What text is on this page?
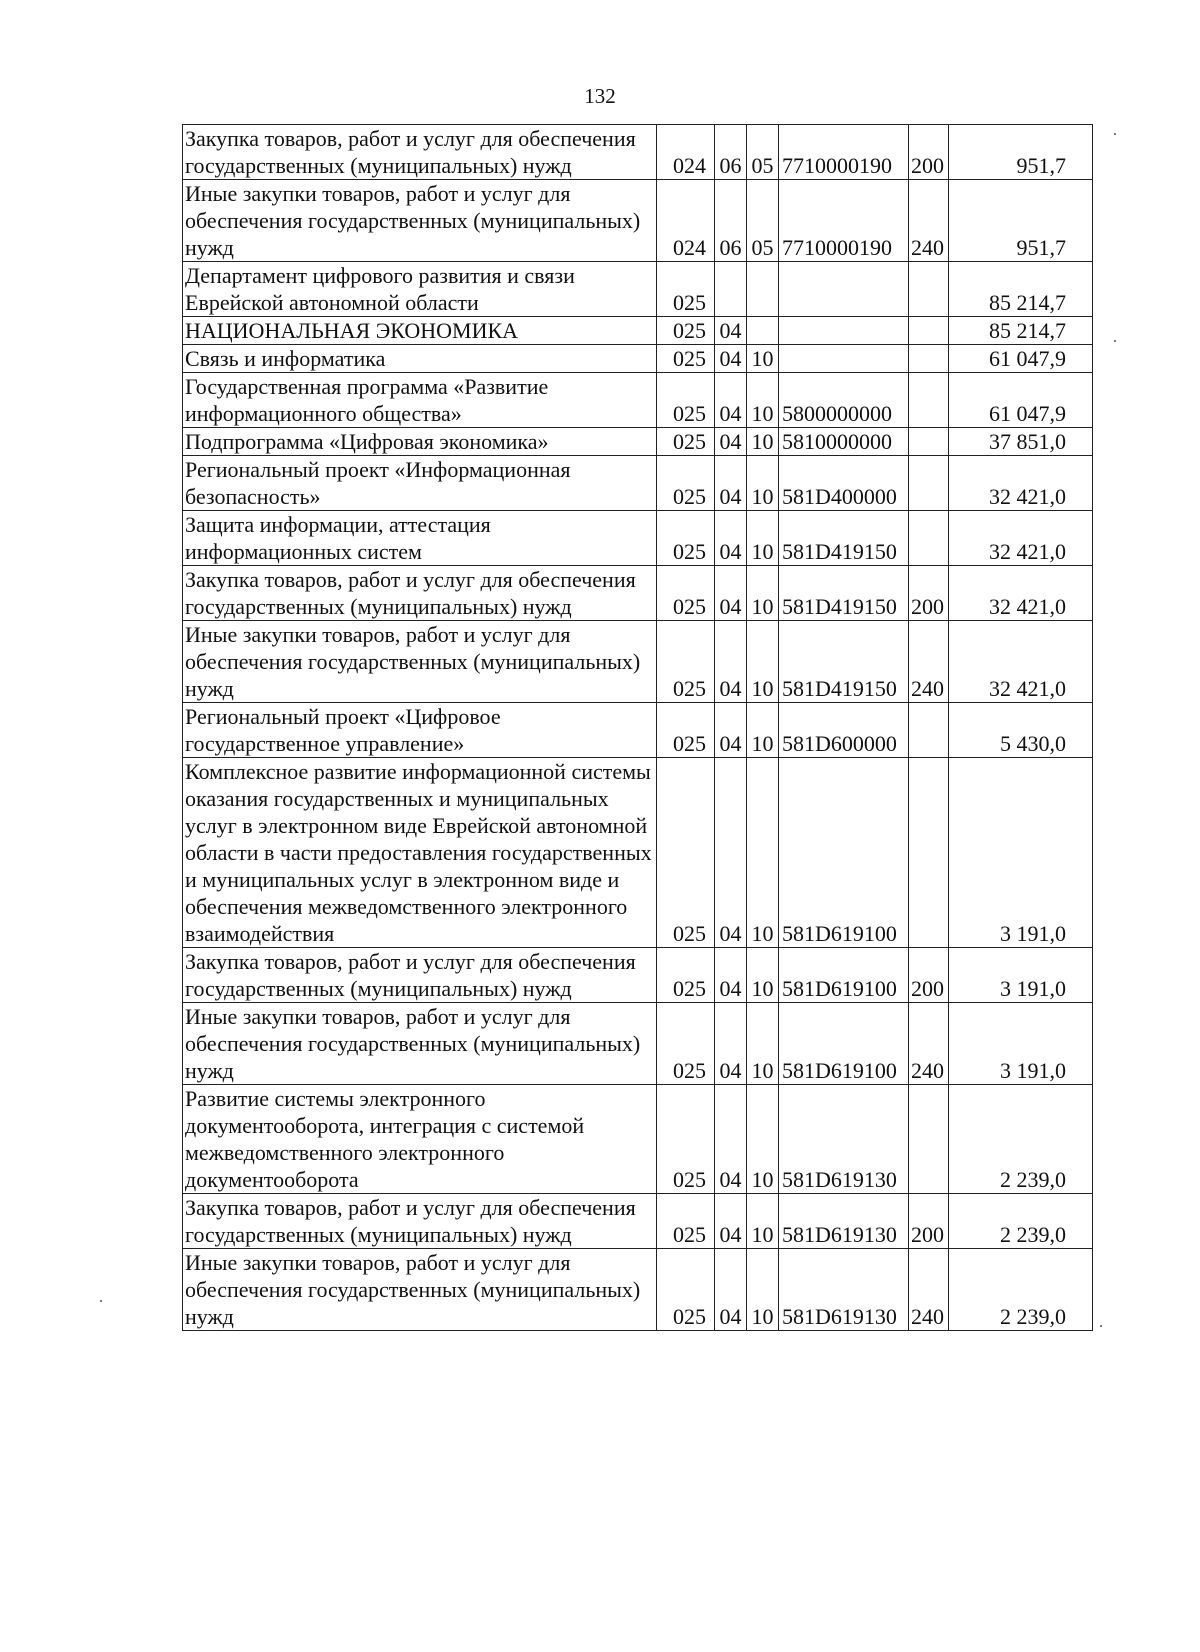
132
Закупка товаров, работ и услуг для обеспечения государственных (муниципальных) нужд	024	06	05	7710000190	200	951,7
Иные закупки товаров, работ и услуг для обеспечения государственных (муниципальных) нужд	024	06	05	7710000190	240	951,7
Департамент цифрового развития и связи Еврейской автономной области	025					85 214,7
НАЦИОНАЛЬНАЯ ЭКОНОМИКА	025	04				85 214,7
Связь и информатика	025	04	10			61 047,9
Государственная программа «Развитие информационного общества»	025	04	10	5800000000		61 047,9
Подпрограмма «Цифровая экономика»	025	04	10	5810000000		37 851,0
Региональный проект «Информационная безопасность»	025	04	10	581D400000		32 421,0
Защита информации, аттестация информационных систем	025	04	10	581D419150		32 421,0
Закупка товаров, работ и услуг для обеспечения государственных (муниципальных) нужд	025	04	10	581D419150	200	32 421,0
Иные закупки товаров, работ и услуг для обеспечения государственных (муниципальных) нужд	025	04	10	581D419150	240	32 421,0
Региональный проект «Цифровое государственное управление»	025	04	10	581D600000		5 430,0
Комплексное развитие информационной системы оказания государственных и муниципальных услуг в электронном виде Еврейской автономной области в части предоставления государственных и муниципальных услуг в электронном виде и обеспечения межведомственного электронного взаимодействия	025	04	10	581D619100		3 191,0
Закупка товаров, работ и услуг для обеспечения государственных (муниципальных) нужд	025	04	10	581D619100	200	3 191,0
Иные закупки товаров, работ и услуг для обеспечения государственных (муниципальных) нужд	025	04	10	581D619100	240	3 191,0
Развитие системы электронного документооборота, интеграция с системой межведомственного электронного документооборота	025	04	10	581D619130		2 239,0
Закупка товаров, работ и услуг для обеспечения государственных (муниципальных) нужд	025	04	10	581D619130	200	2 239,0
Иные закупки товаров, работ и услуг для обеспечения государственных (муниципальных) нужд	025	04	10	581D619130	240	2 239,0
